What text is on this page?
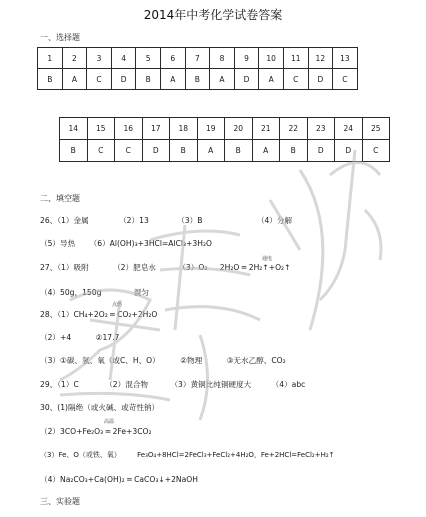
2014年中考化学试卷答案
一、选择题
1	2	3	4	5	6	7	8	9	10	11	12	13
B	A	C	D	B	A	B	A	D	A	C	D	C
14	15	16	17	18	19	20	21	22	23	24	25
B	C	C	D	B	A	B	A	B	D	D	C
二、填空题
26、（1）金属	（2）13	（3）B	（4）分解
（5）导热 （6）Al(OH)₃+3HCl=AlCl₃+3H₂O
通电
27、（1）吸附	（2）肥皂水	（3）O₂ 2H₂O ═ 2H₂↑+O₂↑
（4）50g，150g	混匀
点燃
28、（1）CH₄+2O₂ ═ CO₂+2H₂O
（2）+4	②17.7
（3）①碳、氢、氧（或C、H、O）	②物理	③无水乙醇、CO₂
29、（1）C	（2）混合物	（3）黄铜比纯铜硬度大	（4）abc
30、(1)隔绝（或火碱、或苛性钠）
高温
（2）3CO+Fe₂O₃ ═ 2Fe+3CO₂
（3）Fe、O（或铁、氧） Fe₃O₄+8HCl=2FeCl₃+FeCl₂+4H₂O，Fe+2HCl=FeCl₂+H₂↑
（4）Na₂CO₃+Ca(OH)₂ ═ CaCO₃↓+2NaOH
三、实验题
